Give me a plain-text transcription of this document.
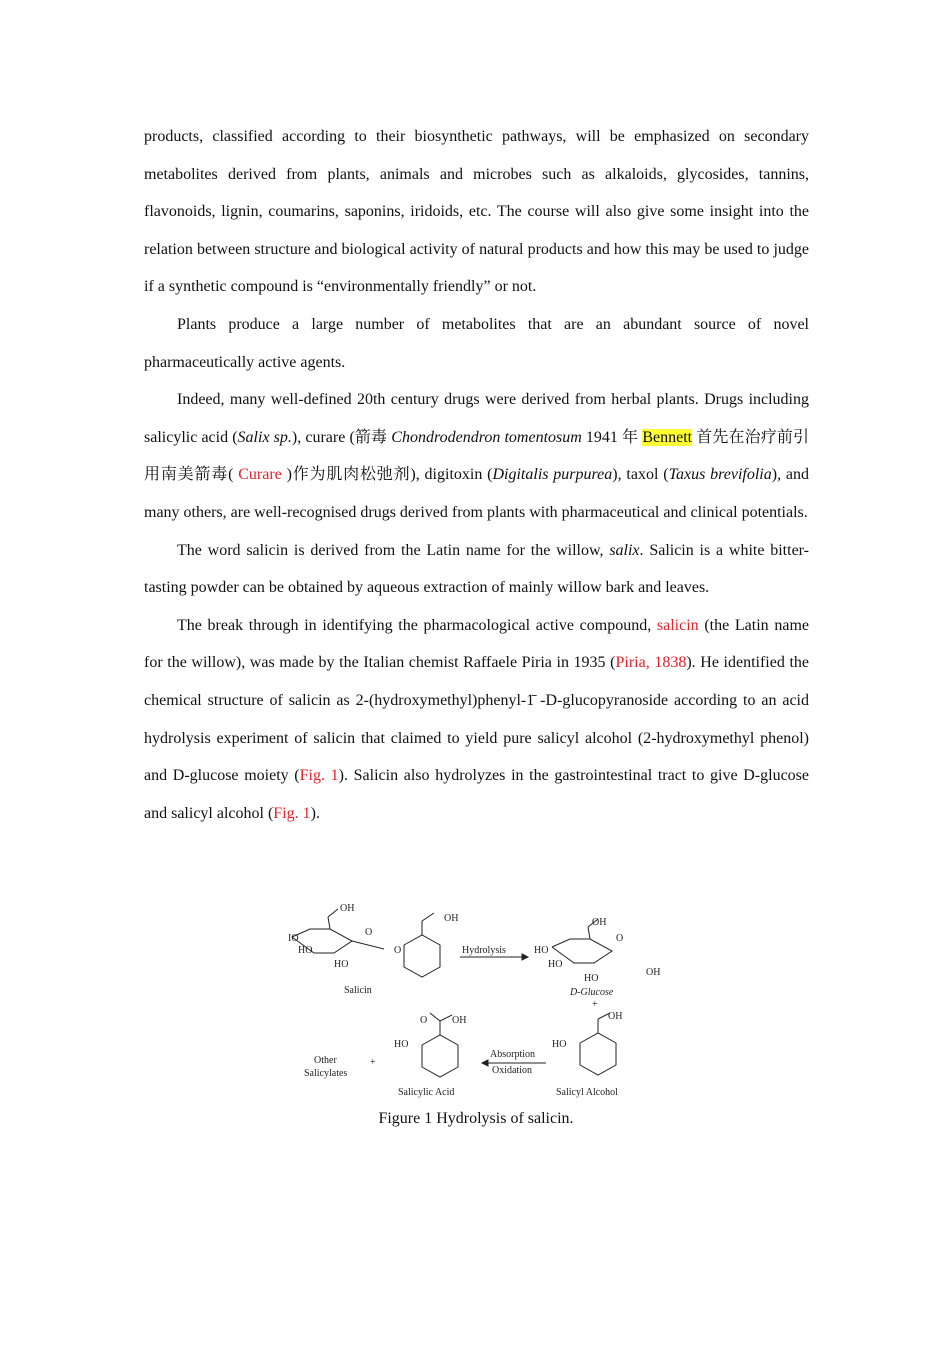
products, classified according to their biosynthetic pathways, will be emphasized on secondary metabolites derived from plants, animals and microbes such as alkaloids, glycosides, tannins, flavonoids, lignin, coumarins, saponins, iridoids, etc. The course will also give some insight into the relation between structure and biological activity of natural products and how this may be used to judge if a synthetic compound is “environmentally friendly” or not.

Plants produce a large number of metabolites that are an abundant source of novel pharmaceutically active agents.

Indeed, many well-defined 20th century drugs were derived from herbal plants. Drugs including salicylic acid (Salix sp.), curare (箭毒 Chondrodendron tomentosum 1941 年 Bennett 首先在治疗前引用南美箭毒( Curare )作为肌肉松弛剂), digitoxin (Digitalis purpurea), taxol (Taxus brevifolia), and many others, are well-recognised drugs derived from plants with pharmaceutical and clinical potentials.

The word salicin is derived from the Latin name for the willow, salix. Salicin is a white bitter-tasting powder can be obtained by aqueous extraction of mainly willow bark and leaves.

The break through in identifying the pharmacological active compound, salicin (the Latin name for the willow), was made by the Italian chemist Raffaele Piria in 1935 (Piria, 1838). He identified the chemical structure of salicin as 2-(hydroxymethyl)phenyl-1̄ -D-glucopyranoside according to an acid hydrolysis experiment of salicin that claimed to yield pure salicyl alcohol (2-hydroxymethyl phenol) and D-glucose moiety (Fig. 1). Salicin also hydrolyzes in the gastrointestinal tract to give D-glucose and salicyl alcohol (Fig. 1).

OH
IO
HO
HO
O
O
OH
Salicin
Hydrolysis
OH
HO
HO
HO
O
OH
D-Glucose
+
OH
HO
Salicyl Alcohol
Absorption
Oxidation
O OH
HO
Salicylic Acid
+
Other
Salicylates
Figure 1 Hydrolysis of salicin.
